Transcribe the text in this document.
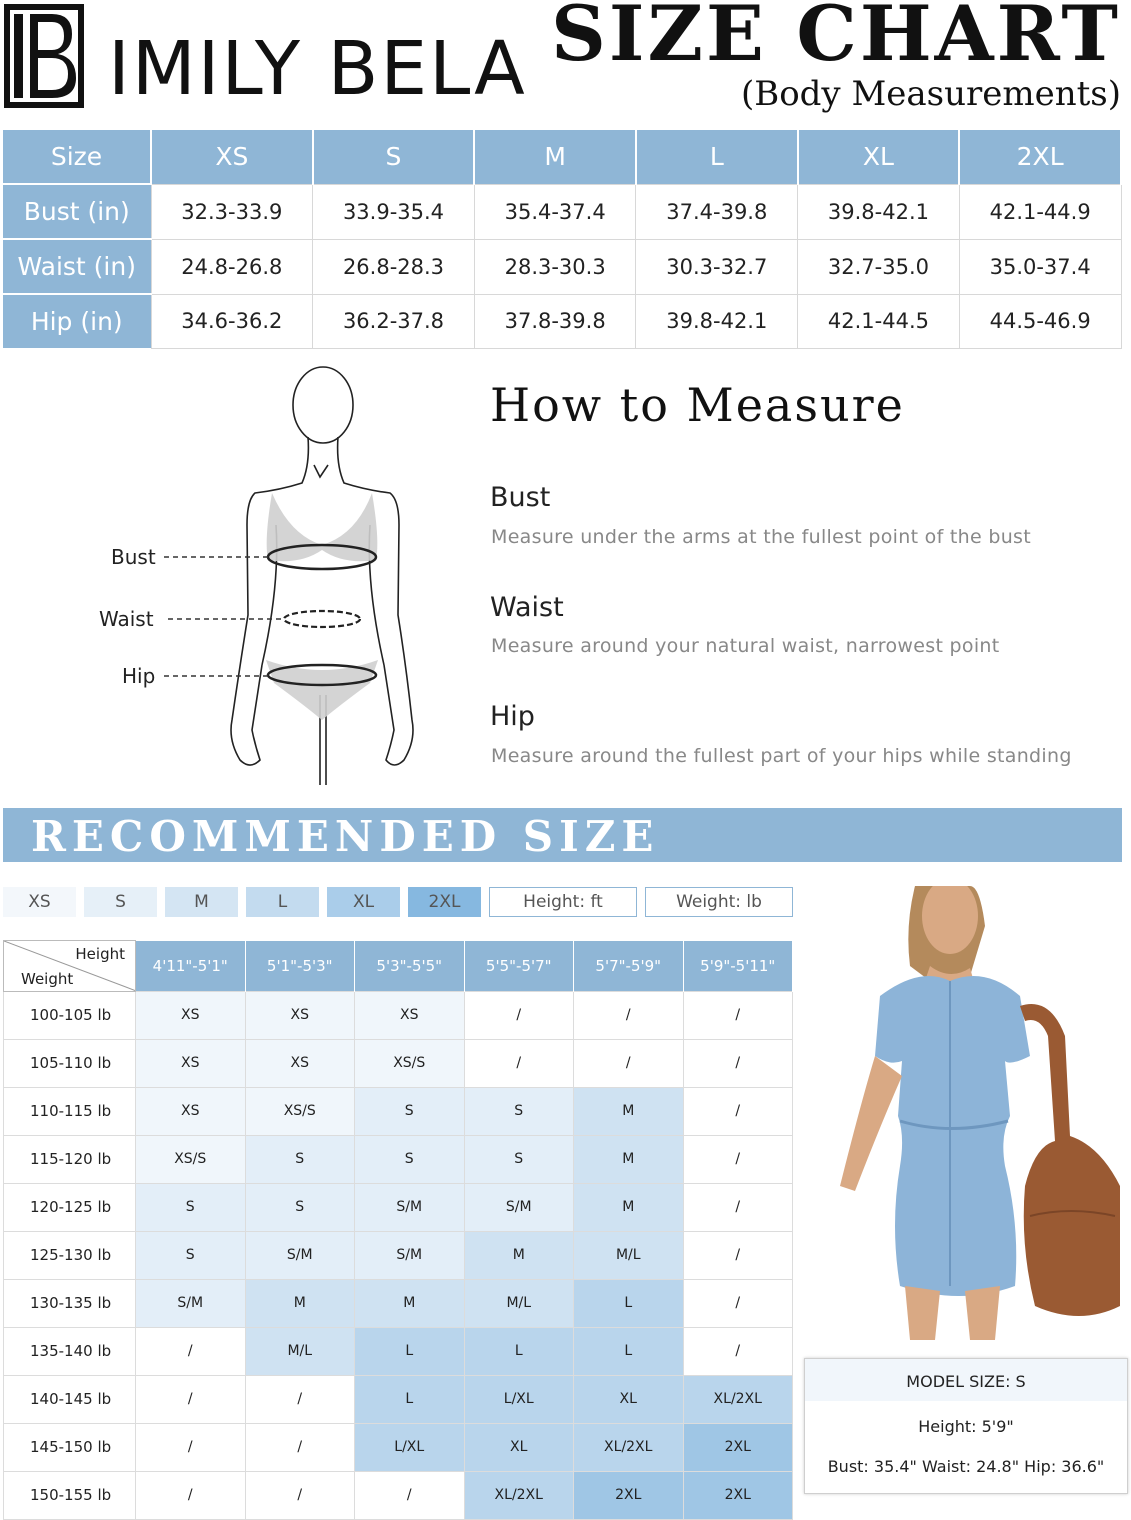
IMILY BELA SIZE CHART
(Body Measurements)
Size	XS	S	M	L	XL	2XL
Bust (in)	32.3-33.9	33.9-35.4	35.4-37.4	37.4-39.8	39.8-42.1	42.1-44.9
Waist (in)	24.8-26.8	26.8-28.3	28.3-30.3	30.3-32.7	32.7-35.0	35.0-37.4
Hip (in)	34.6-36.2	36.2-37.8	37.8-39.8	39.8-42.1	42.1-44.5	44.5-46.9
Bust
Waist
Hip
How to Measure
Bust
Measure under the arms at the fullest point of the bust
Waist
Measure around your natural waist, narrowest point
Hip
Measure around the fullest part of your hips while standing
RECOMMENDED SIZE
XS	S	M	L	XL	2XL	Height: ft	Weight: lb
Height
Weight	4'11"-5'1"	5'1"-5'3"	5'3"-5'5"	5'5"-5'7"	5'7"-5'9"	5'9"-5'11"
100-105 lb	XS	XS	XS	/	/	/
105-110 lb	XS	XS	XS/S	/	/	/
110-115 lb	XS	XS/S	S	S	M	/
115-120 lb	XS/S	S	S	S	M	/
120-125 lb	S	S	S/M	S/M	M	/
125-130 lb	S	S/M	S/M	M	M/L	/
130-135 lb	S/M	M	M	M/L	L	/
135-140 lb	/	M/L	L	L	L	/
140-145 lb	/	/	L	L/XL	XL	XL/2XL
145-150 lb	/	/	L/XL	XL	XL/2XL	2XL
150-155 lb	/	/	/	XL/2XL	2XL	2XL
MODEL SIZE: S
Height: 5'9"
Bust: 35.4" Waist: 24.8" Hip: 36.6"
